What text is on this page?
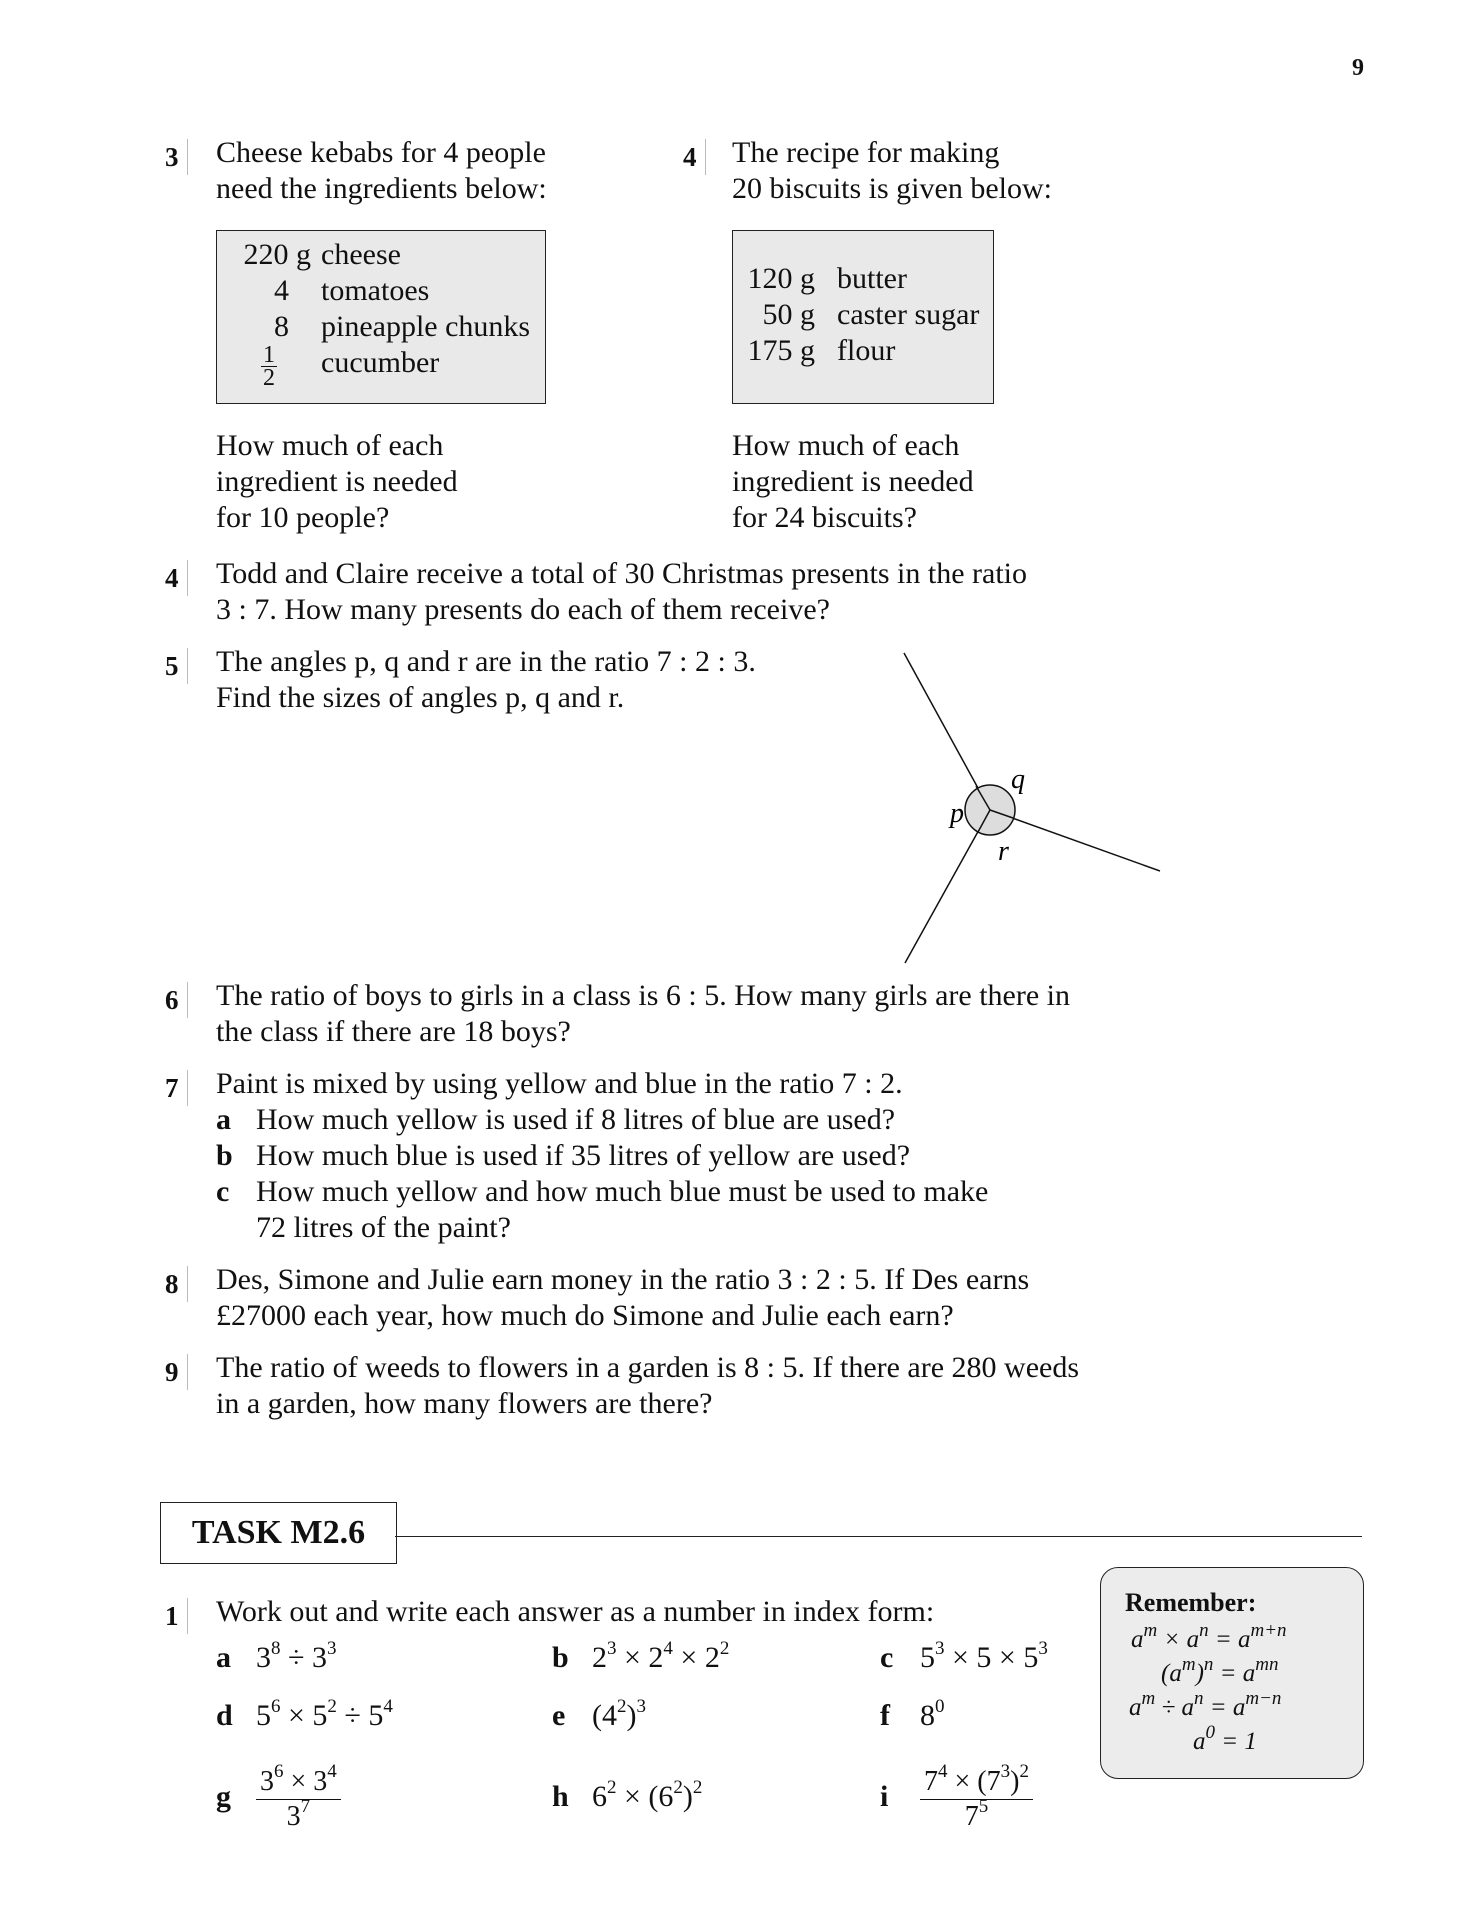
9
3	Cheese kebabs for 4 people
need the ingredients below:
220 g cheese
4 tomatoes
8 pineapple chunks
$\frac{1}{2}$ cucumber
How much of each
ingredient is needed
for 10 people?
4	The recipe for making
20 biscuits is given below:
120 g butter
50 g caster sugar
175 g flour
How much of each
ingredient is needed
for 24 biscuits?
4	Todd and Claire receive a total of 30 Christmas presents in the ratio
3 : 7. How many presents do each of them receive?
5	The angles p, q and r are in the ratio 7 : 2 : 3.
Find the sizes of angles p, q and r.
p
q
r
6	The ratio of boys to girls in a class is 6 : 5. How many girls are there in
the class if there are 18 boys?
7	Paint is mixed by using yellow and blue in the ratio 7 : 2.
a How much yellow is used if 8 litres of blue are used?
b How much blue is used if 35 litres of yellow are used?
c How much yellow and how much blue must be used to make
72 litres of the paint?
8	Des, Simone and Julie earn money in the ratio 3 : 2 : 5. If Des earns
£27000 each year, how much do Simone and Julie each earn?
9	The ratio of weeds to flowers in a garden is 8 : 5. If there are 280 weeds
in a garden, how many flowers are there?
TASK M2.6
1	Work out and write each answer as a number in index form:
a $3^8 \div 3^3$	b $2^3 \times 2^4 \times 2^2$	c $5^3 \times 5 \times 5^3$
d $5^6 \times 5^2 \div 5^4$	e $(4^2)^3$	f $8^0$
g $\frac{3^6 \times 3^4}{3^7}$	h $6^2 \times (6^2)^2$	i $\frac{7^4 \times (7^3)^2}{7^5}$
Remember:
$a^m \times a^n = a^{m+n}$
$(a^m)^n = a^{mn}$
$a^m \div a^n = a^{m-n}$
$a^0 = 1$
